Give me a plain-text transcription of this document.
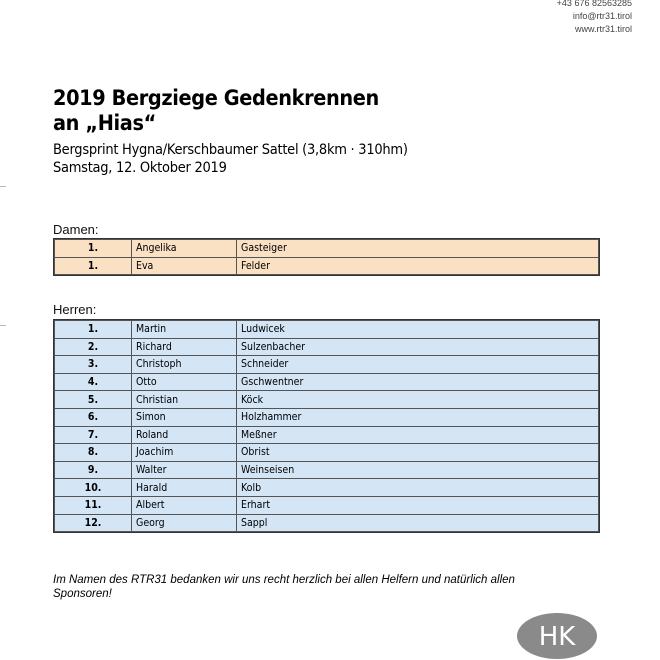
+43 676 82563285
info@rtr31.tirol
www.rtr31.tirol
2019 Bergziege Gedenkrennen
an „Hias“
Bergsprint Hygna/Kerschbaumer Sattel (3,8km · 310hm)
Samstag, 12. Oktober 2019
Damen:
1.	Angelika	Gasteiger
1.	Eva	Felder
Herren:
1.	Martin	Ludwicek
2.	Richard	Sulzenbacher
3.	Christoph	Schneider
4.	Otto	Gschwentner
5.	Christian	Köck
6.	Simon	Holzhammer
7.	Roland	Meßner
8.	Joachim	Obrist
9.	Walter	Weinseisen
10.	Harald	Kolb
11.	Albert	Erhart
12.	Georg	Sappl
Im Namen des RTR31 bedanken wir uns recht herzlich bei allen Helfern und natürlich allen Sponsoren!
HK
